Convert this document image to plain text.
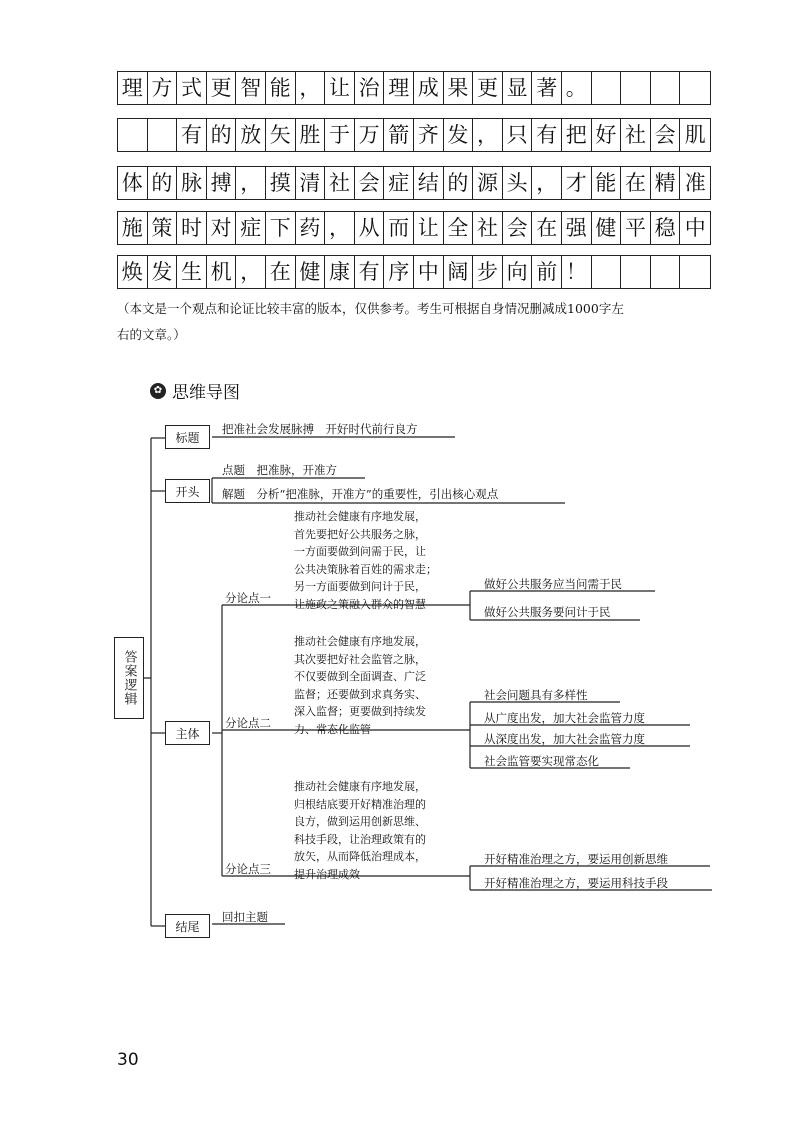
理 方 式 更 智 能 ， 让 治 理 成 果 更 显 著 。
有 的 放 矢 胜 于 万 箭 齐 发 ， 只 有 把 好 社 会 肌
体 的 脉 搏 ， 摸 清 社 会 症 结 的 源 头 ， 才 能 在 精 准
施 策 时 对 症 下 药 ， 从 而 让 全 社 会 在 强 健 平 稳 中
焕 发 生 机 ， 在 健 康 有 序 中 阔 步 向 前 ！
（本文是一个观点和论证比较丰富的版本，仅供参考。考生可根据自身情况删减成1000字左
右的文章。）
✿ 思维导图
答案逻辑
标题
开头
主体
结尾
把准社会发展脉搏　开好时代前行良方
点题　把准脉，开准方
解题　分析“把准脉，开准方”的重要性，引出核心观点
分论点一
分论点二
分论点三
推动社会健康有序地发展，
首先要把好公共服务之脉，
一方面要做到问需于民，让
公共决策脉着百姓的需求走；
另一方面要做到问计于民，
让施政之策融入群众的智慧
推动社会健康有序地发展，
其次要把好社会监管之脉，
不仅要做到全面调查、广泛
监督；还要做到求真务实、
深入监督；更要做到持续发
力、常态化监管
推动社会健康有序地发展，
归根结底要开好精准治理的
良方，做到运用创新思维、
科技手段，让治理政策有的
放矢，从而降低治理成本，
提升治理成效
做好公共服务应当问需于民
做好公共服务要问计于民
社会问题具有多样性
从广度出发，加大社会监管力度
从深度出发，加大社会监管力度
社会监管要实现常态化
开好精准治理之方，要运用创新思维
开好精准治理之方，要运用科技手段
回扣主题
30
